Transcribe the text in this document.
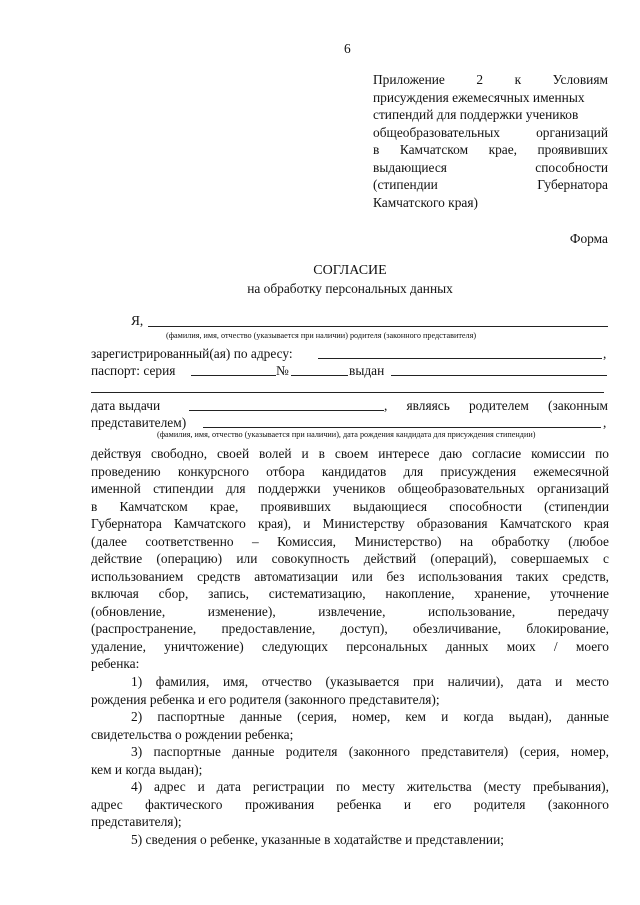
6
Приложение 2 к Условиям
присуждения ежемесячных именных
стипендий для поддержки учеников
общеобразовательных	организаций
в Камчатском крае, проявивших
выдающиеся	способности
(стипендии	Губернатора
Камчатского края)
Форма
СОГЛАСИЕ
на обработку персональных данных
Я,
(фамилия, имя, отчество (указывается при наличии) родителя (законного представителя)
зарегистрированный(ая) по адресу:	,
паспорт: серия	№	выдан
дата выдачи	, являясь родителем (законным
представителем)	,
(фамилия, имя, отчество (указывается при наличии), дата рождения кандидата для присуждения стипендии)
действуя свободно, своей волей и в своем интересе даю согласие комиссии по
проведению конкурсного отбора кандидатов для присуждения ежемесячной
именной стипендии для поддержки учеников общеобразовательных организаций
в Камчатском крае, проявивших выдающиеся способности (стипендии
Губернатора Камчатского края), и Министерству образования Камчатского края
(далее соответственно – Комиссия, Министерство) на обработку (любое
действие (операцию) или совокупность действий (операций), совершаемых с
использованием средств автоматизации или без использования таких средств,
включая сбор, запись, систематизацию, накопление, хранение, уточнение
(обновление, изменение), извлечение, использование, передачу
(распространение, предоставление, доступ), обезличивание, блокирование,
удаление, уничтожение) следующих персональных данных моих / моего
ребенка:
1) фамилия, имя, отчество (указывается при наличии), дата и место
рождения ребенка и его родителя (законного представителя);
2) паспортные данные (серия, номер, кем и когда выдан), данные
свидетельства о рождении ребенка;
3) паспортные данные родителя (законного представителя) (серия, номер,
кем и когда выдан);
4) адрес и дата регистрации по месту жительства (месту пребывания),
адрес фактического проживания ребенка и его родителя (законного
представителя);
5) сведения о ребенке, указанные в ходатайстве и представлении;
